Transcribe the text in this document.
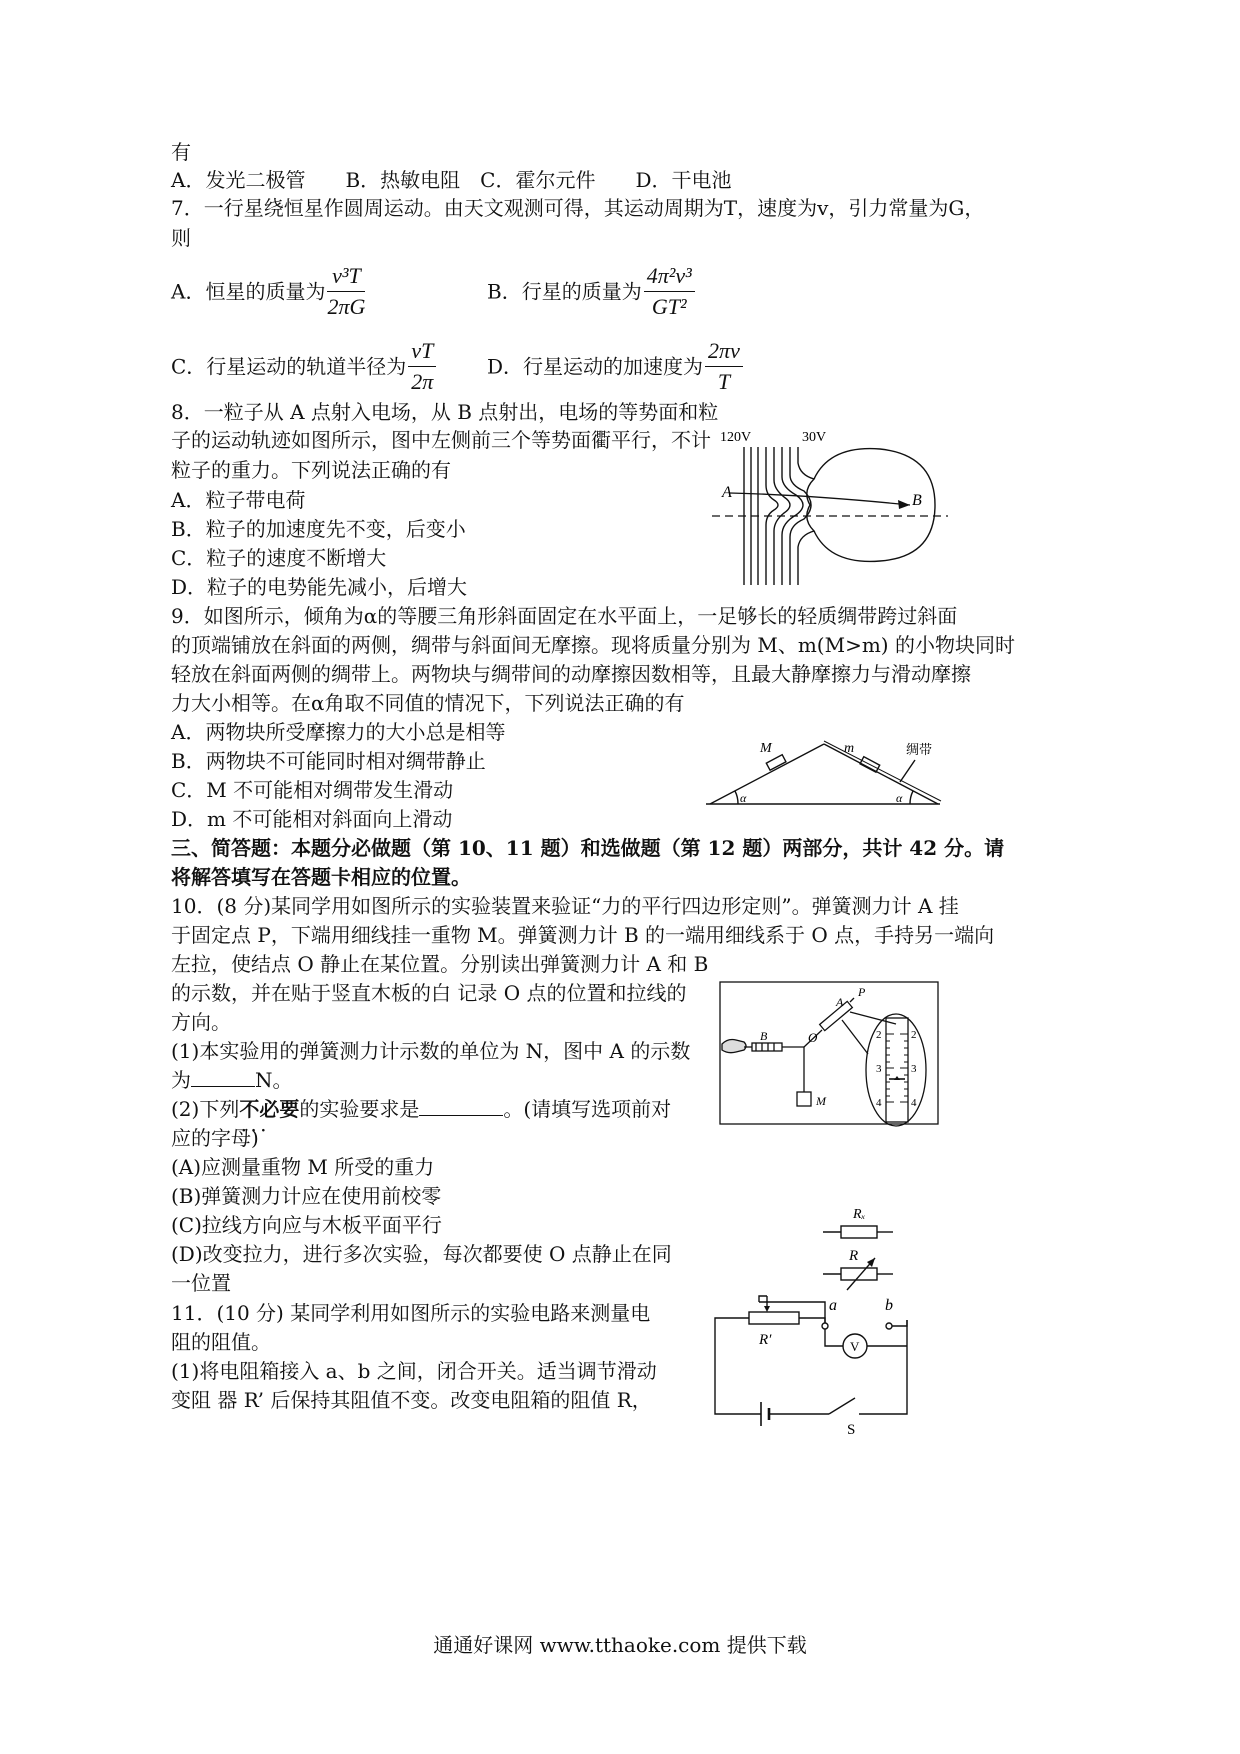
有
A．发光二极管　　B．热敏电阻　C．霍尔元件　　D．干电池
7．一行星绕恒星作圆周运动。由天文观测可得，其运动周期为T，速度为v，引力常量为G，
则
A．恒星的质量为 $\frac{\text{v³T}}{2\pi G}$	B．行星的质量为 $\frac{\text{4π²v³}}{\text{GT²}}$
C．行星运动的轨道半径为 $\frac{vT}{2\pi}$	D．行星运动的加速度为 $\frac{2\pi v}{T}$
8．一粒子从 A 点射入电场，从 B 点射出，电场的等势面和粒
子的运动轨迹如图所示，图中左侧前三个等势面衢平行，不计
粒子的重力。下列说法正确的有
A．粒子带电荷
B．粒子的加速度先不变，后变小
C．粒子的速度不断增大
D．粒子的电势能先减小，后增大
9．如图所示，倾角为α的等腰三角形斜面固定在水平面上，一足够长的轻质绸带跨过斜面
的顶端铺放在斜面的两侧，绸带与斜面间无摩擦。现将质量分别为 M、m(M>m) 的小物块同时
轻放在斜面两侧的绸带上。两物块与绸带间的动摩擦因数相等，且最大静摩擦力与滑动摩擦
力大小相等。在α角取不同值的情况下，下列说法正确的有
A．两物块所受摩擦力的大小总是相等
B．两物块不可能同时相对绸带静止
C．M 不可能相对绸带发生滑动
D．m 不可能相对斜面向上滑动
三、简答题：本题分必做题（第 10、11 题）和选做题（第 12 题）两部分，共计 42 分。请
将解答填写在答题卡相应的位置。
10．(8 分)某同学用如图所示的实验装置来验证“力的平行四边形定则”。弹簧测力计 A 挂
于固定点 P，下端用细线挂一重物 M。弹簧测力计 B 的一端用细线系于 O 点，手持另一端向
左拉，使结点 O 静止在某位置。分别读出弹簧测力计 A 和 B
的示数，并在贴于竖直木板的白 记录 O 点的位置和拉线的
方向。
(1)本实验用的弹簧测力计示数的单位为 N，图中 A 的示数
为	N。
(2)下列不必要 · · ·的实验要求是	。(请填写选项前对
应的字母)
(A)应测量重物 M 所受的重力
(B)弹簧测力计应在使用前校零
(C)拉线方向应与木板平面平行
(D)改变拉力，进行多次实验，每次都要使 O 点静止在同
一位置
11．(10 分) 某同学利用如图所示的实验电路来测量电
阻的阻值。
(1)将电阻箱接入 a、b 之间，闭合开关。适当调节滑动
变阻 器 R’ 后保持其阻值不变。改变电阻箱的阻值 R，
120V	30V
A	B
M	m	绸带
α	α
A
P
B	O
M
2
3
4
2
3
4
Rₓ
R
R′
a	b
V
S
通通好课网 www.tthaoke.com 提供下载
